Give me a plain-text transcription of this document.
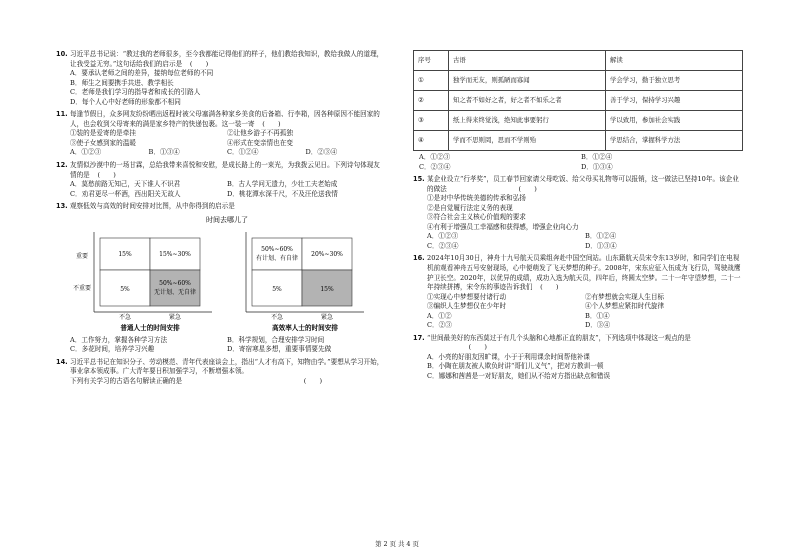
10. 习近平总书记说：“教过我的老师很多，至今我都能记得他们的样子，他们教给我知识，教给我做人的道理，让我受益无穷。”这句话给我们的启示是 (　　)
A．要承认老师之间的差异，接纳每位老师的不同
B．师生之间要携手共进、教学相长
C．老师是我们学习的指导者和成长的引路人
D．每个人心中好老师的形象都不相同
11. 每逢节假日，众多网友纷纷晒出返程时被父母塞满各种家乡美食的后备箱、行李箱，因各种原因不能回家的人，也会收到父母寄来的满是家乡特产的快递包裹。这一装一寄 (　　)
①装的是爱寄的是牵挂	②让他乡游子不再孤独
③使子女感到家的温暖	④形式在变亲情也在变
A．①②③	B．①③④	C．①②④	D．②③④
12. 友情似沙漠中的一场甘霖，总给我带来喜悦和安慰，是成长路上的一束光，为我拨云见日。下列诗句体现友情的是 (　　)
A．莫愁前路无知己，天下谁人不识君	B．古人学问无遗力，少壮工夫老始成
C．劝君更尽一杯酒，西出阳关无故人	D．桃花潭水深千尺，不及汪伦送我情
13. 观察低效与高效的时间安排对比图，从中你得到的启示是
时间去哪儿了
重要
不重要
15%	15%~30%
5%
50%~60%
无计划、无自律
不急	紧急
普通人士的时间安排
50%~60%
有计划、有自律
20%~30%
5%	15%
不急	紧急
高效率人士的时间安排
A．工作努力，掌握各种学习方法	B．科学规划，合理安排学习时间
C．多花时间，培养学习兴趣	D．寄宿寒星多想，重要事情要先做
14. 习近平总书记在知识分子、劳动模范、青年代表座谈会上，指出“人才有高下，知物由学。”要想从学习开始，事业拿本领成事。广大青年要日积加强学习，不断增强本领。
下列有关学习的古语名句解读正确的是	(　　)
序号	古语	解读
①	独学而无友，则孤陋而寡闻	学会学习，勤于独立思考
②	知之者不如好之者，好之者不如乐之者	善于学习，保持学习兴趣
③	纸上得来终觉浅，绝知此事要躬行	学以致用，参加社会实践
④	学而不思则罔，思而不学则殆	学思结合，掌握科学方法
A．①②③	B．①②④
C．②③④	D．①③④
15. 某企业设立“行孝奖”，员工春节回家请父母吃饭、给父母买礼物等可以报销，这一做法已坚持10年。该企业的做法	(　　)
①是对中华传统美德的传承和弘扬
②是自觉履行法定义务的表现
③符合社会主义核心价值观的要求
④有利于增强员工幸福感和获得感，增强企业向心力
A．①②③	B．①②④
C．②③④	D．①③④
16. 2024年10月30日，神舟十九号航天员乘组奔赴中国空间站。山东籍航天员宋令东13岁时，和同学们在电视机前观看神舟五号安射现场，心中便萌发了飞天梦想的种子。2008年，宋东应征入伍成为飞行员，驾驶战鹰护卫长空。2020年，以优异的成绩，成功入选为航天员，四年后，终圆太空梦。二十一年守望梦想，二十一年持续拼搏，宋令东的事迹告诉我们 (　　)
①实现心中梦想要付诸行动	②有梦想就会实现人生目标
③编织人生梦想仅在少年时	④个人梦想应紧扣时代旋律
A．①②	B．①④
C．②③	D．③④
17. “世间最美好的东西莫过于有几个头脑和心地都正直的朋友”，下列选项中体现这一观点的是(　　)
A．小亮的好朋友因旷课，小于于利用课余时间帮他补课
B．小陶在朋友被人欺负时讲“哥们儿义气”，把对方教训一顿
C．娜娜和茜茜是一对好朋友，她们从不给对方指出缺点和错误
第 2 页 共 4 页
